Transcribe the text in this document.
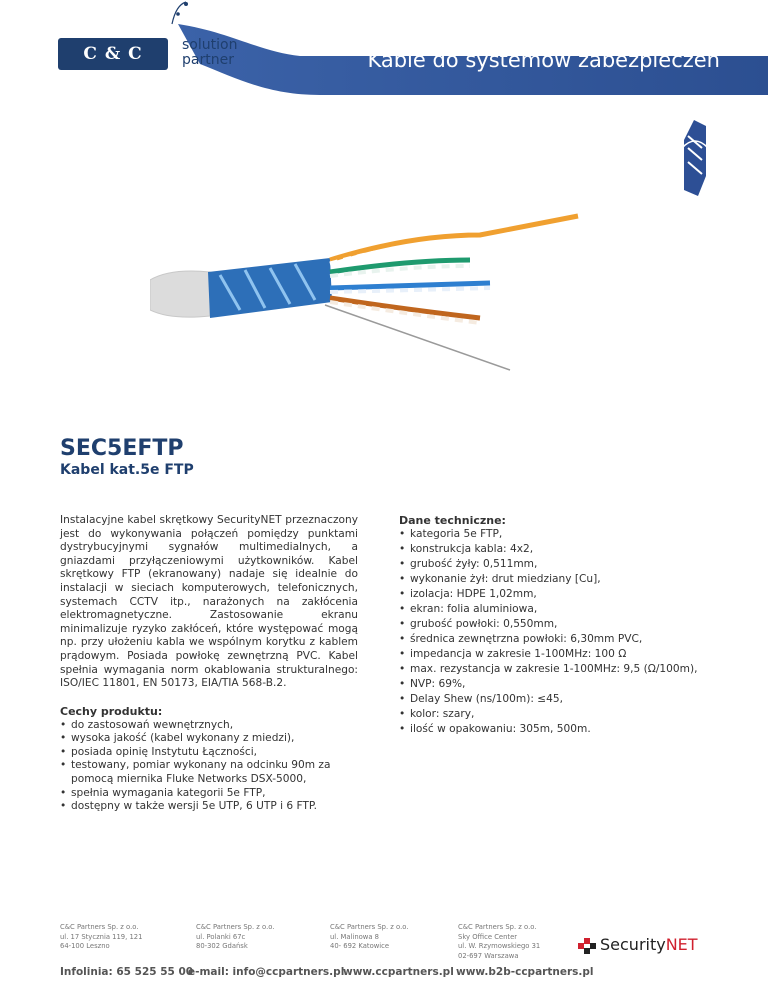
C & C	solution
partner	Kable do systemów zabezpieczeń
SEC5EFTP
Kabel kat.5e FTP

Instalacyjne kabel skrętkowy SecurityNET przeznaczony jest do wykonywania połączeń pomiędzy punktami dystrybucyjnymi sygnałów multimedialnych, a gniazdami przyłączeniowymi użytkowników. Kabel skrętkowy FTP (ekranowany) nadaje się idealnie do instalacji w sieciach komputerowych, telefonicznych, systemach CCTV itp., narażonych na zakłócenia elektromagnetyczne. Zastosowanie ekranu minimalizuje ryzyko zakłóceń, które występować mogą np. przy ułożeniu kabla we wspólnym korytku z kablem prądowym. Posiada powłokę zewnętrzną PVC. Kabel spełnia wymagania norm okablowania strukturalnego: ISO/IEC 11801, EN 50173, EIA/TIA 568-B.2.

Cechy produktu:

• do zastosowań wewnętrznych,
• wysoka jakość (kabel wykonany z miedzi),
• posiada opinię Instytutu Łączności,
• testowany, pomiar wykonany na odcinku 90m za pomocą miernika Fluke Networks DSX-5000,
• spełnia wymagania kategorii 5e FTP,
• dostępny w także wersji 5e UTP, 6 UTP i 6 FTP.

Dane techniczne:

• kategoria 5e FTP,
• konstrukcja kabla: 4x2,
• grubość żyły: 0,511mm,
• wykonanie żył: drut miedziany [Cu],
• izolacja: HDPE 1,02mm,
• ekran: folia aluminiowa,
• grubość powłoki: 0,550mm,
• średnica zewnętrzna powłoki: 6,30mm PVC,
• impedancja w zakresie 1-100MHz: 100 Ω
• max. rezystancja w zakresie 1-100MHz: 9,5 (Ω/100m),
• NVP: 69%,
• Delay Shew (ns/100m): ≤45,
• kolor: szary,
• ilość w opakowaniu: 305m, 500m.
C&C Partners Sp. z o.o.
ul. 17 Stycznia 119, 121
64-100 Leszno
C&C Partners Sp. z o.o.
ul. Polanki 67c
80-302 Gdańsk
C&C Partners Sp. z o.o.
ul. Malinowa 8
40- 692 Katowice
C&C Partners Sp. z o.o.
Sky Office Center
ul. W. Rzymowskiego 31
02-697 Warszawa
SecurityNET
Infolinia: 65 525 55 00
e-mail: info@ccpartners.pl
www.ccpartners.pl www.b2b-ccpartners.pl
